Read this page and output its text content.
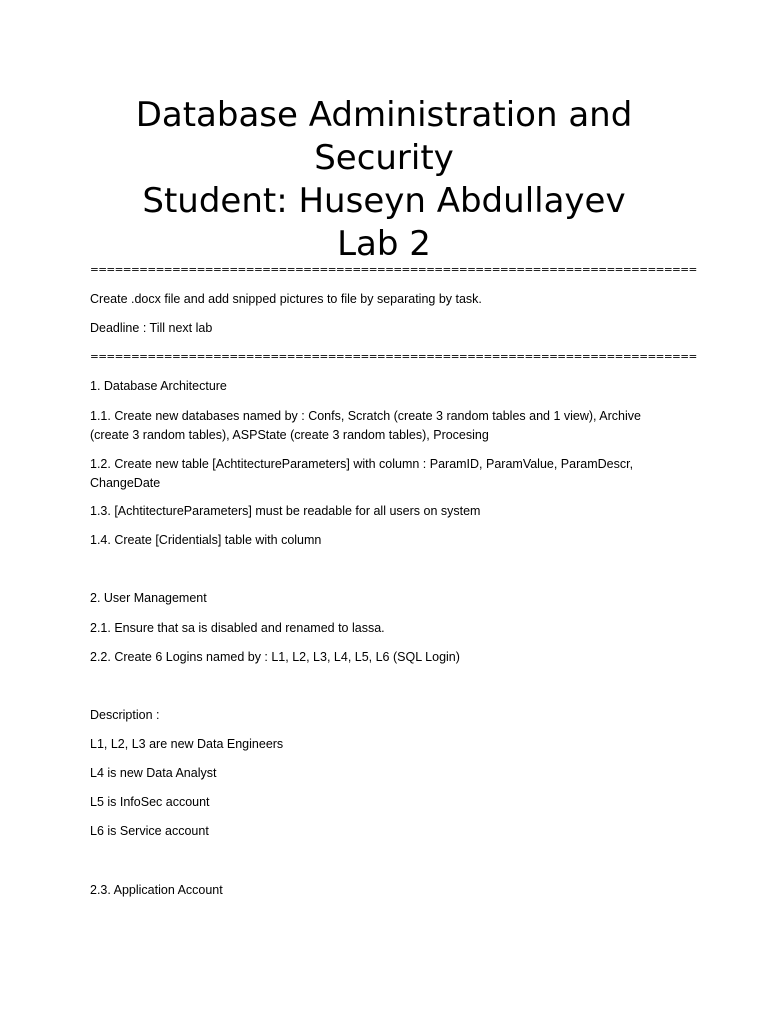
Database Administration and
Security
Student: Huseyn Abdullayev
Lab 2
==========================================================================
Create .docx file and add snipped pictures to file by separating by task.
Deadline : Till next lab
==========================================================================
1. Database Architecture
1.1. Create new databases named by : Confs, Scratch (create 3 random tables and 1 view), Archive (create 3 random tables), ASPState (create 3 random tables), Procesing
1.2. Create new table [AchtitectureParameters] with column : ParamID, ParamValue, ParamDescr, ChangeDate
1.3. [AchtitectureParameters] must be readable for all users on system
1.4. Create [Cridentials] table with column
2. User Management
2.1. Ensure that sa is disabled and renamed to lassa.
2.2. Create 6 Logins named by : L1, L2, L3, L4, L5, L6 (SQL Login)
Description :
L1, L2, L3 are new Data Engineers
L4 is new Data Analyst
L5 is InfoSec account
L6 is Service account
2.3. Application Account
